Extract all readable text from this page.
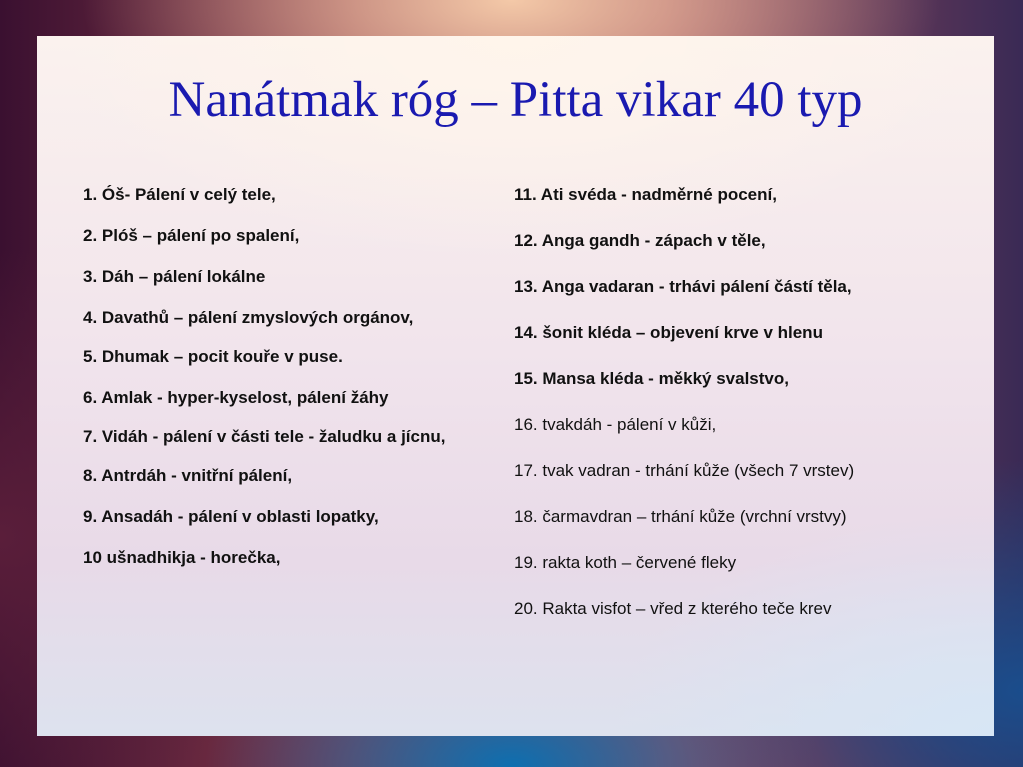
Nanátmak róg – Pitta vikar 40 typ
1. Óš- Pálení v celý tele,
2. Plóš – pálení po spalení,
3. Dáh – pálení lokálne
4. Davathů – pálení zmyslových orgánov,
5. Dhumak – pocit kouře v puse.
6. Amlak - hyper-kyselost, pálení žáhy
7. Vidáh - pálení v části tele - žaludku a jícnu,
8. Antrdáh - vnitřní pálení,
9. Ansadáh - pálení v oblasti lopatky,
10 ušnadhikja - horečka,
11. Ati svéda - nadměrné pocení,
12. Anga gandh - zápach v těle,
13. Anga vadaran - trhávi pálení částí těla,
14. šonit kléda – objevení krve v hlenu
15. Mansa kléda - měkký svalstvo,
16. tvakdáh - pálení v kůži,
17. tvak vadran - trhání kůže (všech 7 vrstev)
18. čarmavdran – trhání kůže (vrchní vrstvy)
19. rakta koth – červené fleky
20. Rakta visfot – vřed z kterého teče krev
